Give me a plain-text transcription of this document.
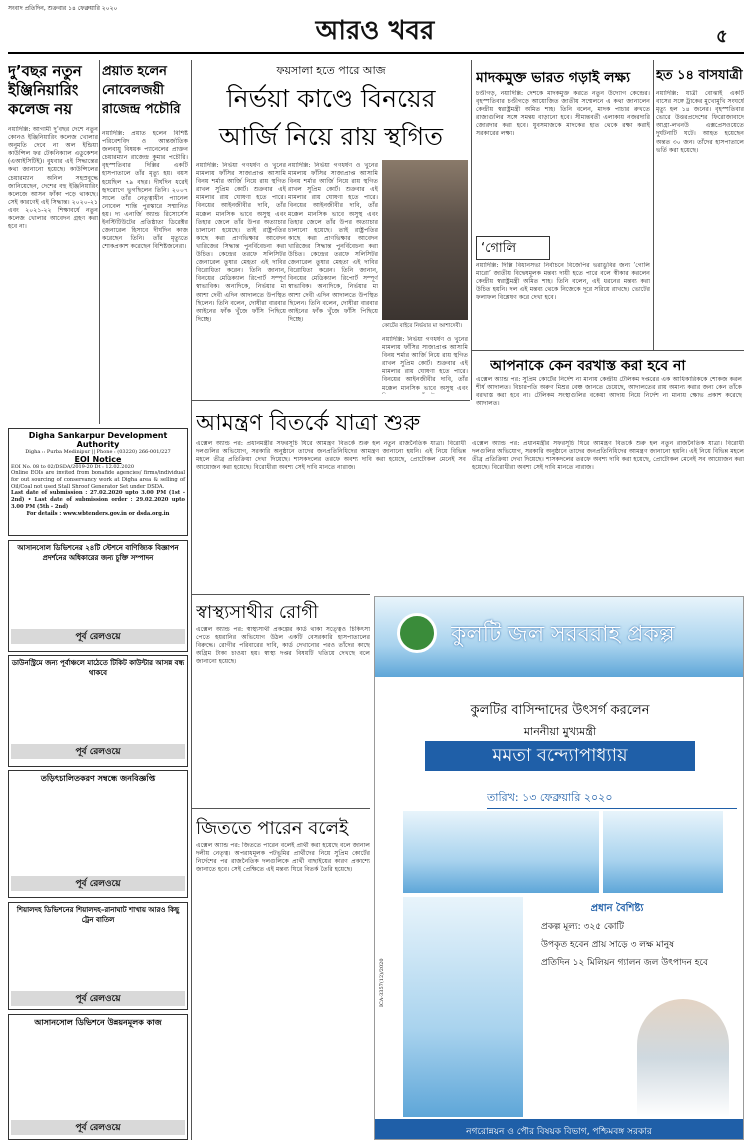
সংবাদ প্রতিদিন, শুক্রবার ১৪ ফেব্রুয়ারি ২০২০
আরও খবর	৫
দু’বছর নতুন ইঞ্জিনিয়ারিং কলেজ নয়
নয়াদিল্লি: আগামী দু’বছর দেশে নতুন কোনও ইঞ্জিনিয়ারিং কলেজ খোলার অনুমতি দেবে না অল ইন্ডিয়া কাউন্সিল ফর টেকনিক্যাল এডুকেশন (এআইসিটিই)। বুধবার এই সিদ্ধান্তের কথা জানানো হয়েছে। কাউন্সিলের চেয়ারম্যান অনিল সহস্রবুদ্ধে জানিয়েছেন, দেশের বহু ইঞ্জিনিয়ারিং কলেজে আসন ফাঁকা পড়ে থাকছে। সেই কারণেই এই সিদ্ধান্ত। ২০২০-২১ এবং ২০২১-২২ শিক্ষাবর্ষে নতুন কলেজ খোলার আবেদন গ্রহণ করা হবে না।
প্রয়াত হলেন নোবেলজয়ী রাজেন্দ্র পচৌরি
নয়াদিল্লি: প্রয়াত হলেন বিশিষ্ট পরিবেশবিদ ও আন্তর্জাতিক জলবায়ু বিষয়ক প্যানেলের প্রাক্তন চেয়ারম্যান রাজেন্দ্র কুমার পচৌরি। বৃহস্পতিবার দিল্লির একটি হাসপাতালে তাঁর মৃত্যু হয়। বয়স হয়েছিল ৭৯ বছর। দীর্ঘদিন ধরেই হৃদরোগে ভুগছিলেন তিনি। ২০০৭ সালে তাঁর নেতৃত্বাধীন প্যানেল নোবেল শান্তি পুরস্কারে সম্মানিত হয়। দ্য এনার্জি অ্যান্ড রিসোর্সেস ইনস্টিটিউটের প্রতিষ্ঠাতা ডিরেক্টর জেনারেল হিসাবে দীর্ঘদিন কাজ করেছেন তিনি। তাঁর মৃত্যুতে শোকপ্রকাশ করেছেন বিশিষ্টজনেরা।
Digha Sankarpur Development Authority
Digha :: Purba Medinipur || Phone : (03220) 266-001/227
EOI Notice
EOI No. 08 to 02/DSDA/2019-20 Dt : 12.02.2020
Online EOIs are invited from bonafide agencies/ firms/individual for out sourcing of conservancy work at Digha area & selling of Oil/Coal not used Stall Shroof Generator Set under DSDA.
Last date of submission : 27.02.2020 upto 3.00 PM (1st - 2nd) • Last date of submission order : 29.02.2020 upto 3.00 PM (5th - 2nd)
For details : www.wbtenders.gov.in or dsda.org.in
আসানসোল ডিভিশনের ২৪টি স্টেশনে বাণিজ্যিক বিজ্ঞাপন প্রদর্শনের অধিকারের জন্য চুক্তি সম্পাদন
পূর্ব রেলওয়ে
ডাউনস্ট্রিমে জন্য পূর্বাঞ্চলে মাঠেতে টিকিট কাউন্টার আসন্ন বন্ধ থাকবে
পূর্ব রেলওয়ে
তড়িৎচালিতকরণ সম্বন্ধে জনবিজ্ঞপ্তি
পূর্ব রেলওয়ে
শিয়ালদহ ডিভিশনের শিয়ালদহ–রানাঘাট শাখায় আরও কিছু ট্রেন বাতিল
পূর্ব রেলওয়ে
আসানসোল ডিভিশনে উন্নয়নমূলক কাজ
পূর্ব রেলওয়ে
ফয়সালা হতে পারে আজ
নির্ভয়া কাণ্ডে বিনয়ের আর্জি নিয়ে রায় স্থগিত
নয়াদিল্লি: নির্ভয়া গণধর্ষণ ও খুনের মামলায় ফাঁসির সাজাপ্রাপ্ত আসামি বিনয় শর্মার আর্জি নিয়ে রায় স্থগিত রাখল সুপ্রিম কোর্ট। শুক্রবার এই মামলার রায় ঘোষণা হতে পারে। বিনয়ের আইনজীবীর দাবি, তাঁর মক্কেল মানসিক ভাবে অসুস্থ এবং তিহার জেলে তাঁর উপর অত্যাচার চালানো হয়েছে। তাই রাষ্ট্রপতির কাছে করা প্রাণভিক্ষার আবেদন খারিজের সিদ্ধান্ত পুনর্বিবেচনা করা উচিত। কেন্দ্রের তরফে সলিসিটর জেনারেল তুষার মেহতা এই দাবির বিরোধিতা করেন। তিনি জানান, বিনয়ের মেডিক্যাল রিপোর্ট সম্পূর্ণ স্বাভাবিক। অন্যদিকে, নির্ভয়ার মা আশা দেবী এদিন আদালতে উপস্থিত ছিলেন। তিনি বলেন, দোষীরা বারবার আইনের ফাঁক খুঁজে ফাঁসি পিছিয়ে দিচ্ছে।
নয়াদিল্লি: নির্ভয়া গণধর্ষণ ও খুনের মামলায় ফাঁসির সাজাপ্রাপ্ত আসামি বিনয় শর্মার আর্জি নিয়ে রায় স্থগিত রাখল সুপ্রিম কোর্ট। শুক্রবার এই মামলার রায় ঘোষণা হতে পারে। বিনয়ের আইনজীবীর দাবি, তাঁর মক্কেল মানসিক ভাবে অসুস্থ এবং তিহার জেলে তাঁর উপর অত্যাচার চালানো হয়েছে। তাই রাষ্ট্রপতির কাছে করা প্রাণভিক্ষার আবেদন খারিজের সিদ্ধান্ত পুনর্বিবেচনা করা উচিত। কেন্দ্রের তরফে সলিসিটর জেনারেল তুষার মেহতা এই দাবির বিরোধিতা করেন। তিনি জানান, বিনয়ের মেডিক্যাল রিপোর্ট সম্পূর্ণ স্বাভাবিক। অন্যদিকে, নির্ভয়ার মা আশা দেবী এদিন আদালতে উপস্থিত ছিলেন। তিনি বলেন, দোষীরা বারবার আইনের ফাঁক খুঁজে ফাঁসি পিছিয়ে দিচ্ছে।
কোর্টের বাইরে নির্ভয়ার মা আশাদেবী।
নয়াদিল্লি: নির্ভয়া গণধর্ষণ ও খুনের মামলায় ফাঁসির সাজাপ্রাপ্ত আসামি বিনয় শর্মার আর্জি নিয়ে রায় স্থগিত রাখল সুপ্রিম কোর্ট। শুক্রবার এই মামলার রায় ঘোষণা হতে পারে। বিনয়ের আইনজীবীর দাবি, তাঁর মক্কেল মানসিক ভাবে অসুস্থ এবং
মাদকমুক্ত ভারত গড়াই লক্ষ্য
চণ্ডীগড়, নয়াদিল্লি: দেশকে মাদকমুক্ত করতে নতুন উদ্যোগ কেন্দ্রের। বৃহস্পতিবার চণ্ডীগড়ে আয়োজিত জাতীয় সম্মেলনে এ কথা জানালেন কেন্দ্রীয় স্বরাষ্ট্রমন্ত্রী অমিত শাহ। তিনি বলেন, মাদক পাচার রুখতে রাজ্যগুলির সঙ্গে সমন্বয় বাড়ানো হবে। সীমান্তবর্তী এলাকায় নজরদারি জোরদার করা হবে। যুবসমাজকে মাদকের হাত থেকে রক্ষা করাই সরকারের লক্ষ্য।
হত ১৪ বাসযাত্রী
নয়াদিল্লি: যাত্রী বোঝাই একটি বাসের সঙ্গে ট্রাকের মুখোমুখি সংঘর্ষে মৃত্যু হল ১৪ জনের। বৃহস্পতিবার ভোরে উত্তরপ্রদেশের ফিরোজাবাদে আগ্রা-লখনউ এক্সপ্রেসওয়েতে দুর্ঘটনাটি ঘটে। আহত হয়েছেন অন্তত ৩০ জন। তাঁদের হাসপাতালে ভর্তি করা হয়েছে।
‘গোলি
নয়াদিল্লি: দিল্লি বিধানসভা নির্বাচনে বিজেপির ভরাডুবির জন্য ‘গোলি মারো’ জাতীয় বিদ্বেষমূলক মন্তব্য দায়ী হতে পারে বলে স্বীকার করলেন কেন্দ্রীয় স্বরাষ্ট্রমন্ত্রী অমিত শাহ। তিনি বলেন, এই ধরনের মন্তব্য করা উচিত হয়নি। দল এই মন্তব্য থেকে নিজেকে দূরে সরিয়ে রাখছে। ভোটের ফলাফল বিশ্লেষণ করে দেখা হবে।
আপনাকে কেন বরখাস্ত করা হবে না
এক্সেল অ্যান্ড পর: সুপ্রিম কোর্টের নির্দেশ না মানায় কেন্দ্রীয় টেলিকম দপ্তরের এক আধিকারিককে শোকজ করল শীর্ষ আদালত। বিচারপতি অরুণ মিশ্রর বেঞ্চ জানতে চেয়েছে, আদালতের রায় অমান্য করার জন্য কেন তাঁকে বরখাস্ত করা হবে না। টেলিকম সংস্থাগুলির বকেয়া আদায় নিয়ে নির্দেশ না মানায় ক্ষোভ প্রকাশ করেছে আদালত।
আমন্ত্রণ বিতর্কে যাত্রা শুরু
এক্সেল অ্যান্ড পর: প্রধানমন্ত্রীর সফরসূচি ঘিরে আমন্ত্রণ বিতর্কে শুরু হল নতুন রাজনৈতিক যাত্রা। বিরোধী দলগুলির অভিযোগ, সরকারি অনুষ্ঠানে তাদের জনপ্রতিনিধিদের আমন্ত্রণ জানানো হয়নি। এই নিয়ে বিভিন্ন মহলে তীব্র প্রতিক্রিয়া দেখা দিয়েছে। শাসকদলের তরফে অবশ্য দাবি করা হয়েছে, প্রোটোকল মেনেই সব আয়োজন করা হয়েছে। বিরোধীরা অবশ্য সেই দাবি মানতে নারাজ।
এক্সেল অ্যান্ড পর: প্রধানমন্ত্রীর সফরসূচি ঘিরে আমন্ত্রণ বিতর্কে শুরু হল নতুন রাজনৈতিক যাত্রা। বিরোধী দলগুলির অভিযোগ, সরকারি অনুষ্ঠানে তাদের জনপ্রতিনিধিদের আমন্ত্রণ জানানো হয়নি। এই নিয়ে বিভিন্ন মহলে তীব্র প্রতিক্রিয়া দেখা দিয়েছে। শাসকদলের তরফে অবশ্য দাবি করা হয়েছে, প্রোটোকল মেনেই সব আয়োজন করা হয়েছে। বিরোধীরা অবশ্য সেই দাবি মানতে নারাজ।
স্বাস্থ্যসাথীর রোগী
এক্সেল অ্যান্ড পর: স্বাস্থ্যসাথী প্রকল্পের কার্ড থাকা সত্ত্বেও চিকিৎসা পেতে হয়রানির অভিযোগ উঠল একটি বেসরকারি হাসপাতালের বিরুদ্ধে। রোগীর পরিবারের দাবি, কার্ড দেখানোর পরও তাঁদের কাছে অগ্রিম টাকা চাওয়া হয়। স্বাস্থ্য দপ্তর বিষয়টি খতিয়ে দেখছে বলে জানানো হয়েছে।
জিততে পারেন বলেই
এক্সেল অ্যান্ড পর: জিততে পারেন বলেই প্রার্থী করা হয়েছে বলে জানাল দলীয় নেতৃত্ব। অপরাধমূলক পটভূমির প্রার্থীদের নিয়ে সুপ্রিম কোর্টের নির্দেশের পর রাজনৈতিক দলগুলিকে প্রার্থী বাছাইয়ের কারণ প্রকাশ্যে জানাতে হবে। সেই প্রেক্ষিতে এই মন্তব্য ঘিরে বিতর্ক তৈরি হয়েছে।
কুলটি জল সরবরাহ প্রকল্প
কুলটির বাসিন্দাদের উৎসর্গ করলেন
মাননীয়া মুখ্যমন্ত্রী
মমতা বন্দ্যোপাধ্যায়
তারিখ: ১৩ ফেব্রুয়ারি ২০২০
ICA-3357(12)/2020
প্রধান বৈশিষ্ট্য
প্রকল্প মূল্য: ৩২৫ কোটি
উপকৃত হবেন প্রায় সাড়ে ৩ লক্ষ মানুষ
প্রতিদিন ১২ মিলিয়ন গ্যালন জল উৎপাদন হবে
নগরোন্নয়ন ও পৌর বিষয়ক বিভাগ, পশ্চিমবঙ্গ সরকার
